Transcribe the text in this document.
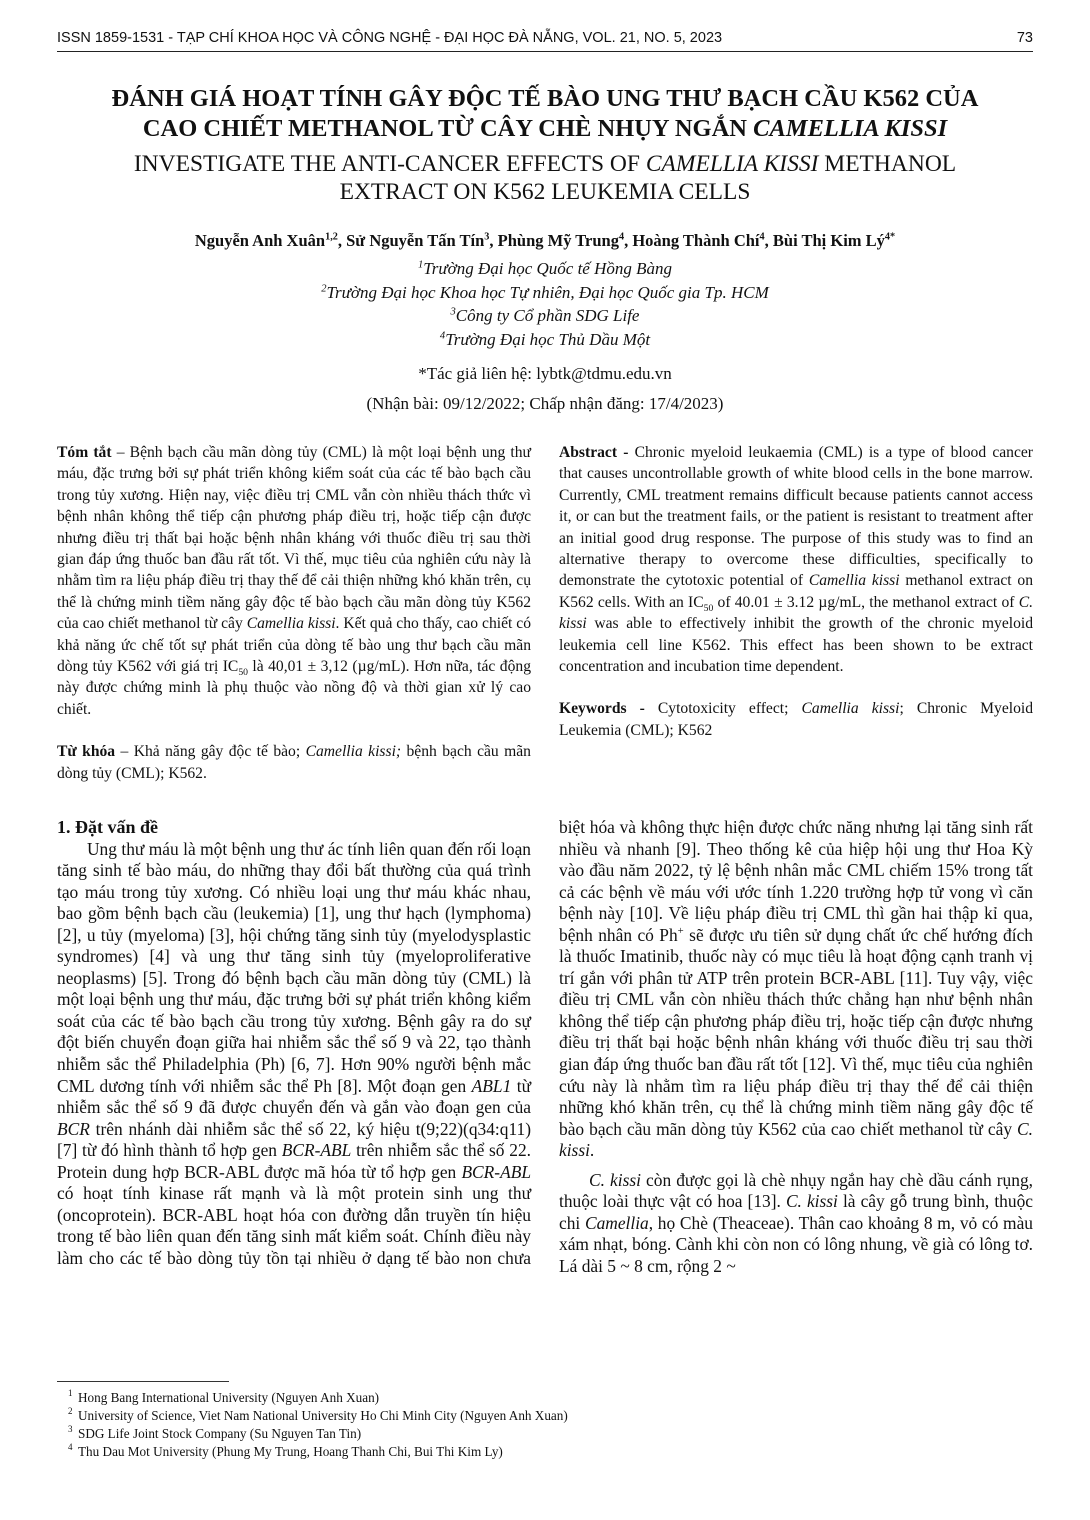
ISSN 1859-1531 - TẠP CHÍ KHOA HỌC VÀ CÔNG NGHỆ - ĐẠI HỌC ĐÀ NẴNG, VOL. 21, NO. 5, 2023	73
ĐÁNH GIÁ HOẠT TÍNH GÂY ĐỘC TẾ BÀO UNG THƯ BẠCH CẦU K562 CỦA
CAO CHIẾT METHANOL TỪ CÂY CHÈ NHỤY NGẮN CAMELLIA KISSI
INVESTIGATE THE ANTI-CANCER EFFECTS OF CAMELLIA KISSI METHANOL
EXTRACT ON K562 LEUKEMIA CELLS
Nguyễn Anh Xuân$^{1,2}$, Sử Nguyễn Tấn Tín$^3$, Phùng Mỹ Trung$^4$, Hoàng Thành Chí$^4$, Bùi Thị Kim $Lý^{4*}$
$^1$Trường Đại học Quốc tế Hồng Bàng
$^2$Trường Đại học Khoa học Tự nhiên, Đại học Quốc gia Tp. HCM
$^3$Công ty Cổ phần SDG Life
$^4$Trường Đại học Thủ Dầu Một
*Tác giả liên hệ: lybtk@tdmu.edu.vn
(Nhận bài: 09/12/2022; Chấp nhận đăng: 17/4/2023)

Tóm tắt – Bệnh bạch cầu mãn dòng tủy (CML) là một loại bệnh ung thư máu, đặc trưng bởi sự phát triển không kiểm soát của các tế bào bạch cầu trong tủy xương. Hiện nay, việc điều trị CML vẫn còn nhiều thách thức vì bệnh nhân không thể tiếp cận phương pháp điều trị, hoặc tiếp cận được nhưng điều trị thất bại hoặc bệnh nhân kháng với thuốc điều trị sau thời gian đáp ứng thuốc ban đầu rất tốt. Vì thế, mục tiêu của nghiên cứu này là nhằm tìm ra liệu pháp điều trị thay thế để cải thiện những khó khăn trên, cụ thể là chứng minh tiềm năng gây độc tế bào bạch cầu mãn dòng tủy K562 của cao chiết methanol từ cây Camellia kissi. Kết quả cho thấy, cao chiết có khả năng ức chế tốt sự phát triển của dòng tế bào ung thư bạch cầu mãn dòng tủy K562 với giá trị $IC_{50}$ là 40,01 ± 3,12 (µg/mL). Hơn nữa, tác động này được chứng minh là phụ thuộc vào nồng độ và thời gian xử lý cao chiết.

Từ khóa – Khả năng gây độc tế bào; Camellia kissi; bệnh bạch cầu mãn dòng tủy (CML); K562.

Abstract - Chronic myeloid leukaemia (CML) is a type of blood cancer that causes uncontrollable growth of white blood cells in the bone marrow. Currently, CML treatment remains difficult because patients cannot access it, or can but the treatment fails, or the patient is resistant to treatment after an initial good drug response. The purpose of this study was to find an alternative therapy to overcome these difficulties, specifically to demonstrate the cytotoxic potential of Camellia kissi methanol extract on K562 cells. With an $IC_{50}$ of 40.01 ± 3.12 µg/mL, the methanol extract of C. kissi was able to effectively inhibit the growth of the chronic myeloid leukemia cell line K562. This effect has been shown to be extract concentration and incubation time dependent.

Keywords - Cytotoxicity effect; Camellia kissi; Chronic Myeloid Leukemia (CML); K562

1. Đặt vấn đề

Ung thư máu là một bệnh ung thư ác tính liên quan đến rối loạn tăng sinh tế bào máu, do những thay đổi bất thường của quá trình tạo máu trong tủy xương. Có nhiều loại ung thư máu khác nhau, bao gồm bệnh bạch cầu (leukemia) [1], ung thư hạch (lymphoma) [2], u tủy (myeloma) [3], hội chứng tăng sinh tủy (myelodysplastic syndromes) [4] và ung thư tăng sinh tủy (myeloproliferative neoplasms) [5]. Trong đó bệnh bạch cầu mãn dòng tủy (CML) là một loại bệnh ung thư máu, đặc trưng bởi sự phát triển không kiểm soát của các tế bào bạch cầu trong tủy xương. Bệnh gây ra do sự đột biến chuyển đoạn giữa hai nhiễm sắc thể số 9 và 22, tạo thành nhiễm sắc thể Philadelphia (Ph) [6, 7]. Hơn 90% người bệnh mắc CML dương tính với nhiễm sắc thể Ph [8]. Một đoạn gen ABL1 từ nhiễm sắc thể số 9 đã được chuyển đến và gắn vào đoạn gen của BCR trên nhánh dài nhiễm sắc thể số 22, ký hiệu t(9;22)(q34:q11) [7] từ đó hình thành tổ hợp gen BCR-ABL trên nhiễm sắc thể số 22. Protein dung hợp BCR-ABL được mã hóa từ tổ hợp gen BCR-ABL có hoạt tính kinase rất mạnh và là một protein sinh ung thư (oncoprotein). BCR-ABL hoạt hóa con đường dẫn truyền tín hiệu trong tế bào liên quan đến tăng sinh mất kiểm soát. Chính điều này làm cho các tế bào dòng tủy tồn tại nhiều ở dạng tế bào non chưa biệt hóa và không thực hiện được chức năng nhưng lại tăng sinh rất nhiều và nhanh [9]. Theo thống kê của hiệp hội ung thư Hoa Kỳ vào đầu năm 2022, tỷ lệ bệnh nhân mắc CML chiếm 15% trong tất cả các bệnh về máu với ước tính 1.220 trường hợp tử vong vì căn bệnh này [10]. Về liệu pháp điều trị CML thì gần hai thập kỉ qua, bệnh nhân có Ph+ sẽ được ưu tiên sử dụng chất ức chế hướng đích là thuốc Imatinib, thuốc này có mục tiêu là hoạt động cạnh tranh vị trí gắn với phân tử ATP trên protein BCR-ABL [11]. Tuy vậy, việc điều trị CML vẫn còn nhiều thách thức chẳng hạn như bệnh nhân không thể tiếp cận phương pháp điều trị, hoặc tiếp cận được nhưng điều trị thất bại hoặc bệnh nhân kháng với thuốc điều trị sau thời gian đáp ứng thuốc ban đầu rất tốt [12]. Vì thế, mục tiêu của nghiên cứu này là nhằm tìm ra liệu pháp điều trị thay thế để cải thiện những khó khăn trên, cụ thể là chứng minh tiềm năng gây độc tế bào bạch cầu mãn dòng tủy K562 của cao chiết methanol từ cây C. kissi.

C. kissi còn được gọi là chè nhụy ngắn hay chè dầu cánh rụng, thuộc loài thực vật có hoa [13]. C. kissi là cây gỗ trung bình, thuộc chi Camellia, họ Chè (Theaceae). Thân cao khoảng 8 m, vỏ có màu xám nhạt, bóng. Cành khi còn non có lông nhung, về già có lông tơ. Lá dài 5 ~ 8 cm, rộng 2 ~

1 Hong Bang International University (Nguyen Anh Xuan)
2 University of Science, Viet Nam National University Ho Chi Minh City (Nguyen Anh Xuan)
3 SDG Life Joint Stock Company (Su Nguyen Tan Tin)
4 Thu Dau Mot University (Phung My Trung, Hoang Thanh Chi, Bui Thi Kim Ly)
